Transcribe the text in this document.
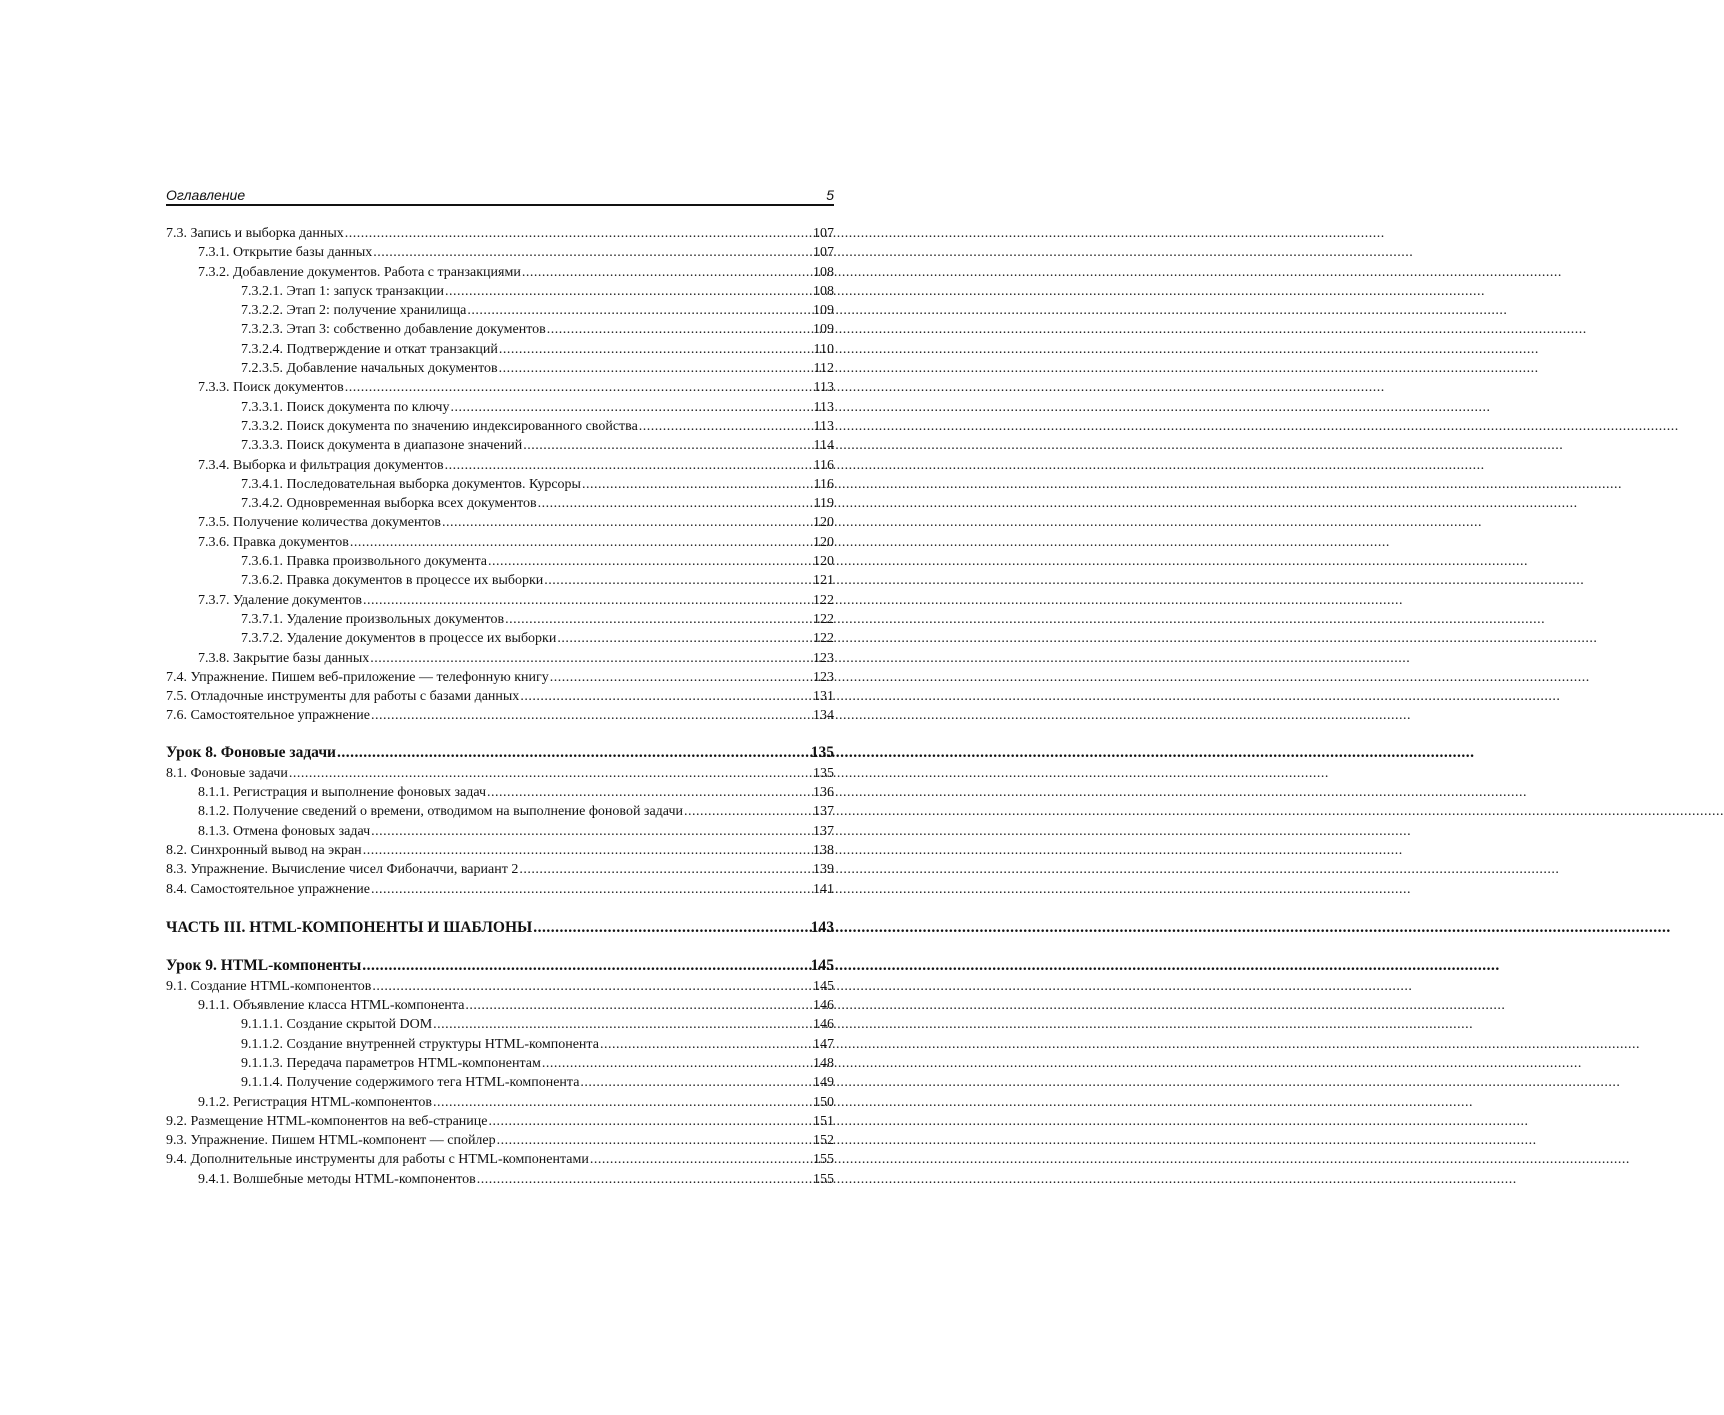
Оглавление	5
7.3. Запись и выборка данных .....	107
7.3.1. Открытие базы данных .....	107
7.3.2. Добавление документов. Работа с транзакциями .....	108
7.3.2.1. Этап 1: запуск транзакции .....	108
7.3.2.2. Этап 2: получение хранилища .....	109
7.3.2.3. Этап 3: собственно добавление документов .....	109
7.3.2.4. Подтверждение и откат транзакций .....	110
7.2.3.5. Добавление начальных документов .....	112
7.3.3. Поиск документов .....	113
7.3.3.1. Поиск документа по ключу .....	113
7.3.3.2. Поиск документа по значению индексированного свойства .....	113
7.3.3.3. Поиск документа в диапазоне значений .....	114
7.3.4. Выборка и фильтрация документов .....	116
7.3.4.1. Последовательная выборка документов. Курсоры .....	116
7.3.4.2. Одновременная выборка всех документов .....	119
7.3.5. Получение количества документов .....	120
7.3.6. Правка документов .....	120
7.3.6.1. Правка произвольного документа .....	120
7.3.6.2. Правка документов в процессе их выборки .....	121
7.3.7. Удаление документов .....	122
7.3.7.1. Удаление произвольных документов .....	122
7.3.7.2. Удаление документов в процессе их выборки .....	122
7.3.8. Закрытие базы данных .....	123
7.4. Упражнение. Пишем веб-приложение — телефонную книгу .....	123
7.5. Отладочные инструменты для работы с базами данных .....	131
7.6. Самостоятельное упражнение .....	134
Урок 8. Фоновые задачи .....	135
8.1. Фоновые задачи .....	135
8.1.1. Регистрация и выполнение фоновых задач .....	136
8.1.2. Получение сведений о времени, отводимом на выполнение фоновой задачи .....	137
8.1.3. Отмена фоновых задач .....	137
8.2. Синхронный вывод на экран .....	138
8.3. Упражнение. Вычисление чисел Фибоначчи, вариант 2 .....	139
8.4. Самостоятельное упражнение .....	141
ЧАСТЬ III. HTML-КОМПОНЕНТЫ И ШАБЛОНЫ .....	143
Урок 9. HTML-компоненты .....	145
9.1. Создание HTML-компонентов .....	145
9.1.1. Объявление класса HTML-компонента .....	146
9.1.1.1. Создание скрытой DOM .....	146
9.1.1.2. Создание внутренней структуры HTML-компонента .....	147
9.1.1.3. Передача параметров HTML-компонентам .....	148
9.1.1.4. Получение содержимого тега HTML-компонента .....	149
9.1.2. Регистрация HTML-компонентов .....	150
9.2. Размещение HTML-компонентов на веб-странице .....	151
9.3. Упражнение. Пишем HTML-компонент — спойлер .....	152
9.4. Дополнительные инструменты для работы с HTML-компонентами .....	155
9.4.1. Волшебные методы HTML-компонентов .....	155
